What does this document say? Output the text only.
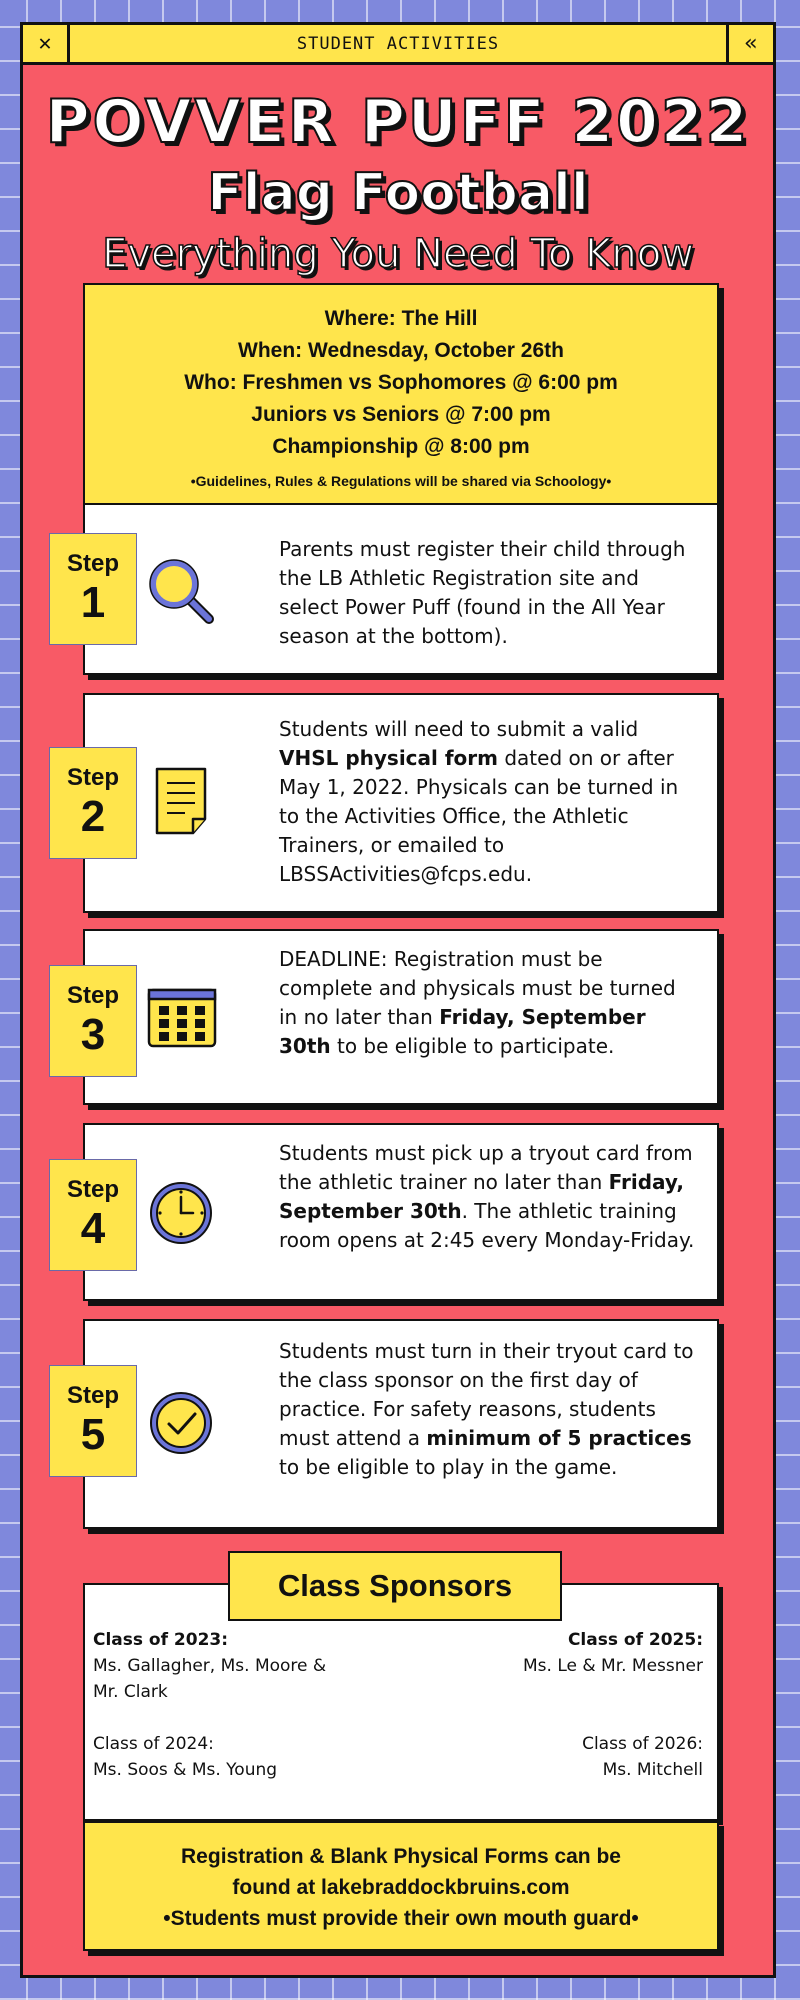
✕	STUDENT ACTIVITIES	«
POVVER PUFF 2022
Flag Football
Everything You Need To Know
Where: The Hill
When: Wednesday, October 26th
Who: Freshmen vs Sophomores @ 6:00 pm
Juniors vs Seniors @ 7:00 pm
Championship @ 8:00 pm
•Guidelines, Rules & Regulations will be shared via Schoology•
Parents must register their child through the LB Athletic Registration site and select Power Puff (found in the All Year season at the bottom).
Step
1
Students will need to submit a valid VHSL physical form dated on or after May 1, 2022. Physicals can be turned in to the Activities Office, the Athletic Trainers, or emailed to LBSSActivities@fcps.edu.
Step
2
DEADLINE: Registration must be complete and physicals must be turned in no later than Friday, September 30th to be eligible to participate.
Step
3
Students must pick up a tryout card from the athletic trainer no later than Friday, September 30th. The athletic training room opens at 2:45 every Monday-Friday.
Step
4
Students must turn in their tryout card to the class sponsor on the first day of practice. For safety reasons, students must attend a minimum of 5 practices to be eligible to play in the game.
Step
5
Class Sponsors
Class of 2023:
Ms. Gallagher, Ms. Moore &
Mr. Clark
Class of 2025:
Ms. Le & Mr. Messner
Class of 2024:
Ms. Soos & Ms. Young
Class of 2026:
Ms. Mitchell
Registration & Blank Physical Forms can be
found at lakebraddockbruins.com
•Students must provide their own mouth guard•
